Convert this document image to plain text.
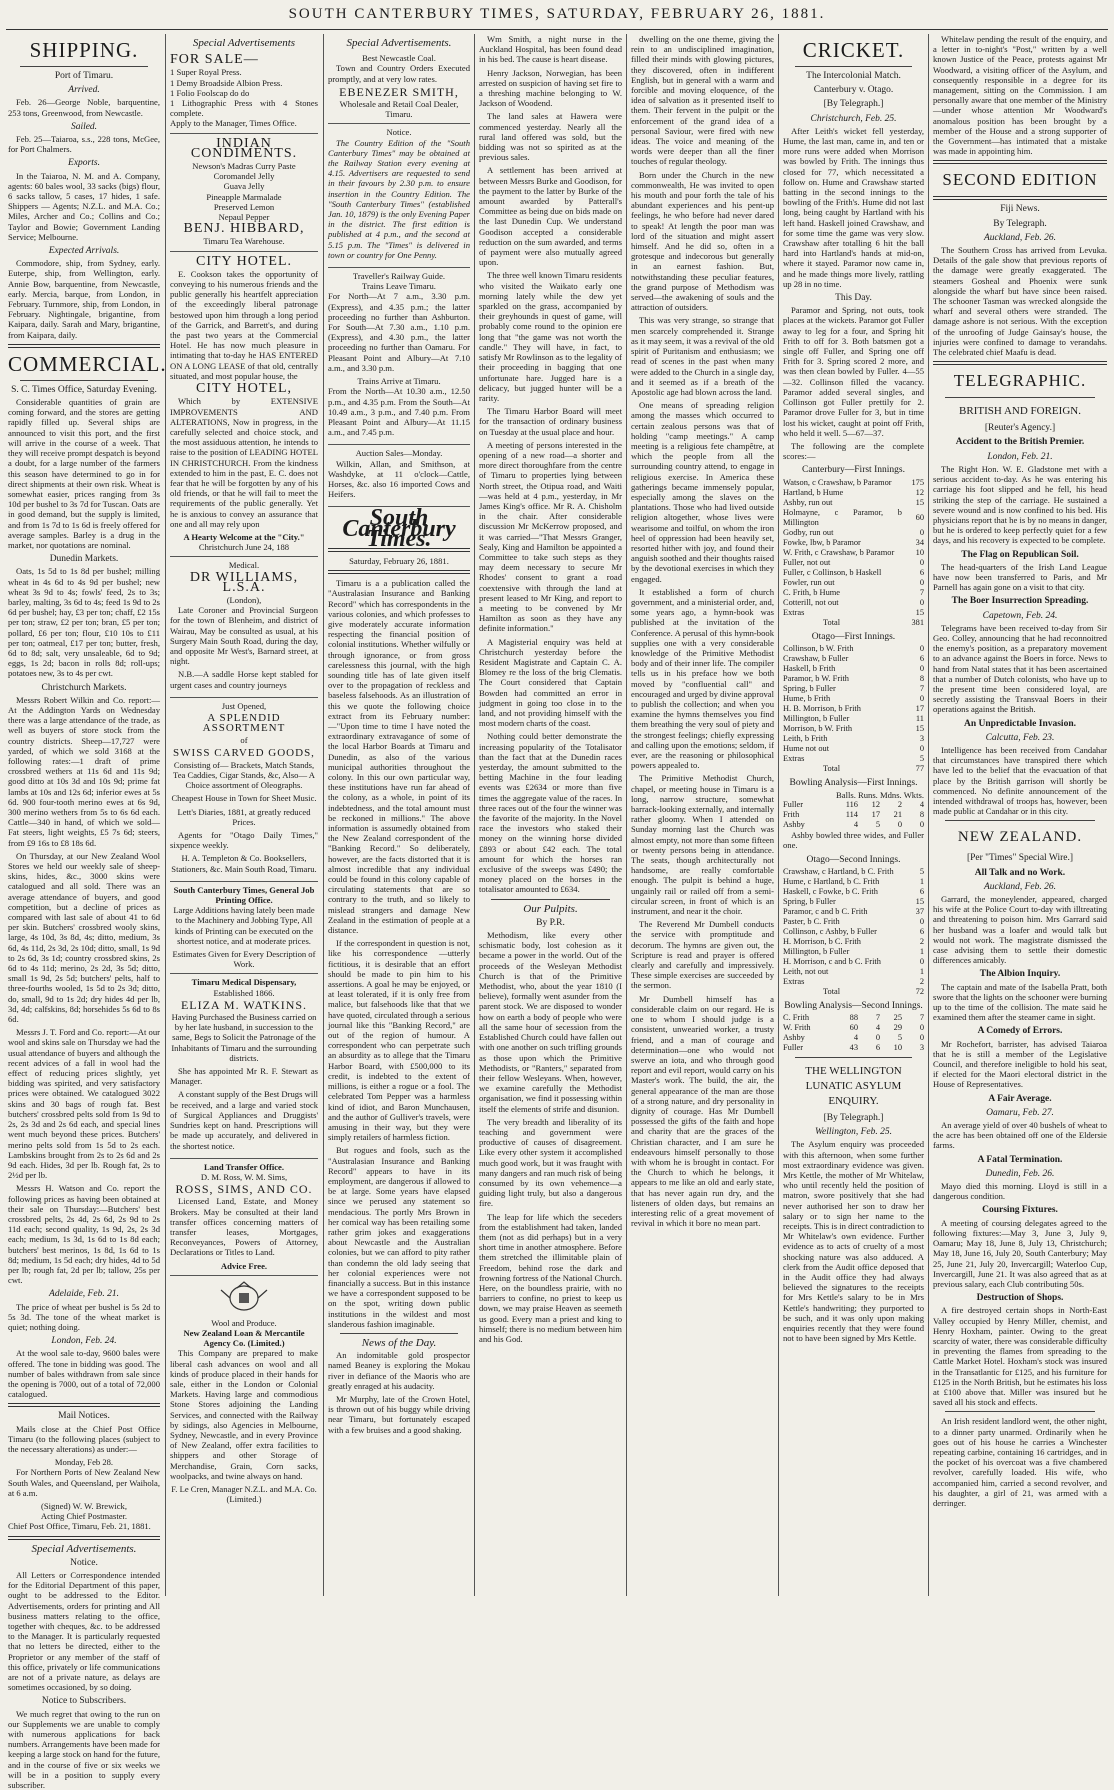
SOUTH CANTERBURY TIMES, SATURDAY, FEBRUARY 26, 1881.
SHIPPING.
Port of Timaru.
Arrived.

Feb. 26—George Noble, barquentine, 253 tons, Greenwood, from Newcastle.

Sailed.

Feb. 25—Taiaroa, s.s., 228 tons, McGee, for Port Chalmers.

Exports.

In the Taiaroa, N. M. and A. Company, agents: 60 bales wool, 33 sacks (bigs) flour, 6 sacks tallow, 5 cases, 17 hides, 1 safe. Shippers — Agents; N.Z.L. and M.A. Co.; Miles, Archer and Co.; Collins and Co.; Taylor and Bowie; Government Landing Service; Melbourne.

Expected Arrivals.

Commodore, ship, from Sydney, early. Euterpe, ship, from Wellington, early. Annie Bow, barquentine, from Newcastle, early. Mercia, barque, from London, in February. Turnmore, ship, from London, in February. Nightingale, brigantine, from Kaipara, daily. Sarah and Mary, brigantine, from Kaipara, daily.

COMMERCIAL.
S. C. Times Office, Saturday Evening.

Considerable quantities of grain are coming forward, and the stores are getting rapidly filled up. Several ships are announced to visit this port, and the first will arrive in the course of a week. That they will receive prompt despatch is beyond a doubt, for a large number of the farmers this season have determined to go in for direct shipments at their own risk. Wheat is somewhat easier, prices ranging from 3s 10d per bushel to 3s 7d for Tuscan. Oats are in good demand, but the supply is limited, and from 1s 7d to 1s 6d is freely offered for average samples. Barley is a drug in the market, nor quotations are nominal.

Dunedin Markets.

Oats, 1s 5d to 1s 8d per bushel; milling wheat in 4s 6d to 4s 9d per bushel; new wheat 3s 9d to 4s; fowls' feed, 2s to 3s; barley, malting, 3s 6d to 4s; feed 1s 9d to 2s 6d per bushel; hay, £3 per ton; chaff, £2 15s per ton; straw, £2 per ton; bran, £5 per ton; pollard, £6 per ton; flour, £10 10s to £11 per ton; oatmeal, £17 per ton; butter, fresh, 6d to 8d; salt, very unsaleable, 6d to 9d; eggs, 1s 2d; bacon in rolls 8d; roll-ups; potatoes new, 3s to 4s per cwt.

Christchurch Markets.

Messrs Robert Wilkin and Co. report:—At the Addington Yards on Wednesday there was a large attendance of the trade, as well as buyers of store stock from the country districts. Sheep—17,727 were yarded, of which we sold 3168 at the following rates:—1 draft of prime crossbred wethers at 11s 6d and 11s 9d; good ditto at 10s 3d and 10s 9d; prime fat lambs at 10s and 12s 6d; inferior ewes at 5s 6d. 900 four-tooth merino ewes at 6s 9d, 300 merino wethers from 5s to 6s 6d each. Cattle—340 in hand, of which we sold—Fat steers, light weights, £5 7s 6d; steers, from £9 16s to £8 18s 6d.

On Thursday, at our New Zealand Wool Stores we held our weekly sale of sheep-skins, hides, &c., 3000 skins were catalogued and all sold. There was an average attendance of buyers, and good competition, but a decline of prices as compared with last sale of about 41 to 6d per skin. Butchers' crossbred wooly skins, large, 4s 10d, 3s 8d, 4s; ditto, medium, 3s 6d, 4s 11d, 2s 3d, 2s 10d; ditto, small, 1s 9d to 2s 6d, 3s 1d; country crossbred skins, 2s 6d to 4s 11d; merino, 2s 2d, 3s 5d; ditto, small 1s 9d, 2s 5d; butchers' pelts, half to three-fourths wooled, 1s 5d to 2s 3d; ditto, do, small, 9d to 1s 2d; dry hides 4d per lb, 3d, 4d; calfskins, 8d; horsehides 5s 6d to 8s 6d.

Messrs J. T. Ford and Co. report:—At our wool and skins sale on Thursday we had the usual attendance of buyers and although the recent advices of a fall in wool had the effect of reducing prices slightly, yet bidding was spirited, and very satisfactory prices were obtained. We catalogued 3022 skins and 30 bags of rough fat. Best butchers' crossbred pelts sold from 1s 9d to 2s, 2s 3d and 2s 6d each, and special lines went much beyond these prices. Butchers' merino pelts sold from 1s 5d to 2s each. Lambskins brought from 2s to 2s 6d and 2s 9d each. Hides, 3d per lb. Rough fat, 2s to 2½d per lb.

Messrs H. Watson and Co. report the following prices as having been obtained at their sale on Thursday:—Butchers' best crossbred pelts, 2s 4d, 2s 6d, 2s 9d to 2s 11d each; second quality, 1s 9d, 2s, 2s 3d each; medium, 1s 3d, 1s 6d to 1s 8d each; butchers' best merinos, 1s 8d, 1s 6d to 1s 8d; medium, 1s 5d each; dry hides, 4d to 5d per lb; rough fat, 2d per lb; tallow, 25s per cwt.

Adelaide, Feb. 21.

The price of wheat per bushel is 5s 2d to 5s 3d. The tone of the wheat market is quiet; nothing doing.

London, Feb. 24.

At the wool sale to-day, 9600 bales were offered. The tone in bidding was good. The number of bales withdrawn from sale since the opening is 7000, out of a total of 72,000 catalogued.

Mail Notices.

Mails close at the Chief Post Office Timaru (to the following places (subject to the necessary alterations) as under:—

Monday, Feb 28.

For Northern Ports of New Zealand New South Wales, and Queensland, per Waihola, at 6 a.m.

(Signed) W. W. Brewick,
Acting Chief Postmaster.
Chief Post Office, Timaru, Feb. 21, 1881.
Special Advertisements.
Notice.

All Letters or Correspondence intended for the Editorial Department of this paper, ought to be addressed to the Editor. Advertisements, orders for printing and All business matters relating to the office, together with cheques, &c. to be addressed to the Manager. It is particularly requested that no letters be directed, either to the Proprietor or any member of the staff of this office, privately or life communications are not of a private nature, as delays are sometimes occasioned, by so doing.

Notice to Subscribers.

We much regret that owing to the run on our Supplements we are unable to comply with numerous applications for back numbers. Arrangements have been made for keeping a large stock on hand for the future, and in the course of five or six weeks we will be in a position to supply every subscriber.

Special Advertisements
FOR SALE—
1 Super Royal Press.
1 Demy Broadside Albion Press.
1 Folio Foolscap do do
1 Lithographic Press with 4 Stones complete.
Apply to the Manager, Times Office.
INDIAN CONDIMENTS.
Newson's Madras Curry Paste
Coromandel Jelly
Guava Jelly
Pineapple Marmalade
Preserved Lemon
Nepaul Pepper
BENJ. HIBBARD,
Timaru Tea Warehouse.
CITY HOTEL.

E. Cookson takes the opportunity of conveying to his numerous friends and the public generally his heartfelt appreciation of the exceedingly liberal patronage bestowed upon him through a long period of the Garrick, and Barrett's, and during the past two years at the Commercial Hotel. He has now much pleasure in intimating that to-day he HAS ENTERED ON A LONG LEASE of that old, centrally situated, and most popular house, the

CITY HOTEL,

Which by EXTENSIVE IMPROVEMENTS AND ALTERATIONS, Now in progress, in the carefully selected and choice stock, and the most assiduous attention, he intends to raise to the position of LEADING HOTEL IN CHRISTCHURCH. From the kindness extended to him in the past, E. C. does not fear that he will be forgotten by any of his old friends, or that he will fail to meet the requirements of the public generally. Yet he is anxious to convey an assurance that one and all may rely upon

A Hearty Welcome at the "City."
Christchurch June 24, 188
Medical.
DR WILLIAMS, L.S.A.
(London),

Late Coroner and Provincial Surgeon for the town of Blenheim, and district of Wairau, May be consulted as usual, at his Surgery Main South Road, during the day, and opposite Mr West's, Barnard street, at night.

N.B.—A saddle Horse kept stabled for urgent cases and country journeys

Just Opened,
A SPLENDID ASSORTMENT
of
SWISS CARVED GOODS,

Consisting of— Brackets, Match Stands, Tea Caddies, Cigar Stands, &c, Also— A Choice assortment of Oleographs.

Cheapest House in Town for Sheet Music.

Lett's Diaries, 1881, at greatly reduced Prices.

Agents for "Otago Daily Times," sixpence weekly.

H. A. Templeton & Co. Booksellers, Stationers, &c. Main South Road, Timaru.

South Canterbury Times, General Job Printing Office.

Large Additions having lately been made to the Machinery and Jobbing Type, All kinds of Printing can be executed on the shortest notice, and at moderate prices.

Estimates Given for Every Description of Work.
Timaru Medical Dispensary,
Established 1866.
ELIZA M. WATKINS.

Having Purchased the Business carried on by her late husband, in succession to the same, Begs to Solicit the Patronage of the Inhabitants of Timaru and the surrounding districts.

She has appointed Mr R. F. Stewart as Manager.

A constant supply of the Best Drugs will be received, and a large and varied stock of Surgical Appliances and Druggists' Sundries kept on hand. Prescriptions will be made up accurately, and delivered in the shortest notice.

Land Transfer Office.
D. M. Ross, W. M. Sims,
ROSS, SIMS, AND CO.

Licensed Land, Estate, and Money Brokers. May be consulted at their land transfer offices concerning matters of transfer leases, Mortgages, Reconveyances, Powers of Attorney, Declarations or Titles to Land.

Advice Free.
Wool and Produce.
New Zealand Loan & Mercantile Agency Co. (Limited.)

This Company are prepared to make liberal cash advances on wool and all kinds of produce placed in their hands for sale, either in the London or Colonial Markets. Having large and commodious Stone Stores adjoining the Landing Services, and connected with the Railway by sidings, also Agencies in Melbourne, Sydney, Newcastle, and in every Province of New Zealand, offer extra facilities to shippers and other Storage of Merchandise, Grain, Corn sacks, woolpacks, and twine always on hand.

F. Le Cren, Manager N.Z.L. and M.A. Co. (Limited.)
Special Advertisements.
Best Newcastle Coal.

Town and Country Orders Executed promptly, and at very low rates.

EBENEZER SMITH,
Wholesale and Retail Coal Dealer, Timaru.
Notice.

The Country Edition of the "South Canterbury Times" may be obtained at the Railway Station every evening at 4.15. Advertisers are requested to send in their favours by 2.30 p.m. to ensure insertion in the Country Edition. The "South Canterbury Times" (established Jan. 10, 1879) is the only Evening Paper in the district. The first edition is published at 4 p.m., and the second at 5.15 p.m. The "Times" is delivered in town or country for One Penny.

Traveller's Railway Guide.
Trains Leave Timaru.

For North—At 7 a.m., 3.30 p.m. (Express), and 4.35 p.m.; the latter proceeding no further than Ashburton. For South—At 7.30 a.m., 1.10 p.m. (Express), and 4.30 p.m., the latter proceeding no further than Oamaru. For Pleasant Point and Albury—At 7.10 a.m., and 3.30 p.m.

Trains Arrive at Timaru.

From the North—At 10.30 a.m., 12.50 p.m., and 4.35 p.m. From the South—At 10.49 a.m., 3 p.m., and 7.40 p.m. From Pleasant Point and Albury—At 11.15 a.m., and 7.45 p.m.

Auction Sales—Monday.

Wilkin, Allan, and Smithson, at Washdyke, at 11 o'clock—Cattle, Horses, &c. also 16 imported Cows and Heifers.

South Canterbury Times.
Saturday, February 26, 1881.

Timaru is a a publication called the "Australasian Insurance and Banking Record" which has correspondents in the various colonies, and which professes to give moderately accurate information respecting the financial position of colonial institutions. Whether wilfully or through ignorance, or from gross carelessness this journal, with the high sounding title has of late given itself over to the propagation of reckless and baseless falsehoods. As an illustration of this we quote the following choice extract from its February number:—"Upon time to time I have noted the extraordinary extravagance of some of the local Harbor Boards at Timaru and Dunedin, as also of the various municipal authorities throughout the colony. In this our own particular way, these institutions have run far ahead of the colony, as a whole, in point of its indebtedness, and the total amount must be reckoned in millions." The above information is assumedly obtained from the New Zealand correspondent of the "Banking Record." So deliberately, however, are the facts distorted that it is almost incredible that any individual could be found in this colony capable of circulating statements that are so contrary to the truth, and so likely to mislead strangers and damage New Zealand in the estimation of people at a distance.

If the correspondent in question is not, like his correspondence —utterly fictitious, it is desirable that an effort should be made to pin him to his assertions. A goal he may be enjoyed, or at least tolerated, if it is only free from malice, but falsehoods like that that we have quoted, circulated through a serious journal like this "Banking Record," are out of the region of humour. A correspondent who can perpetrate such an absurdity as to allege that the Timaru Harbor Board, with £500,000 to its credit, is indebted to the extent of millions, is either a rogue or a fool. The celebrated Tom Pepper was a harmless kind of idiot, and Baron Munchausen, and the author of Gulliver's travels, were amusing in their way, but they were simply retailers of harmless fiction.

But rogues and fools, such as the "Australasian Insurance and Banking Record" appears to have in its employment, are dangerous if allowed to be at large. Some years have elapsed since we perused any statement so mendacious. The portly Mrs Brown in her comical way has been retailing some rather grim jokes and exaggerations about Newcastle and the Australian colonies, but we can afford to pity rather than condemn the old lady seeing that her colonial experiences were not financially a success. But in this instance we have a correspondent supposed to be on the spot, writing down public institutions in the wildest and most slanderous fashion imaginable.

News of the Day.

An indomitable gold prospector named Beaney is exploring the Mokau river in defiance of the Maoris who are greatly enraged at his audacity.

Mr Murphy, late of the Crown Hotel, is thrown out of his buggy while driving near Timaru, but fortunately escaped with a few bruises and a good shaking.

Wm Smith, a night nurse in the Auckland Hospital, has been found dead in his bed. The cause is heart disease.

Henry Jackson, Norwegian, has been arrested on suspicion of having set fire to a threshing machine belonging to W. Jackson of Woodend.

The land sales at Hawera were commenced yesterday. Nearly all the rural land offered was sold, but the bidding was not so spirited as at the previous sales.

A settlement has been arrived at between Messrs Burke and Goodison, for the payment to the latter by Burke of the amount awarded by Patterall's Committee as being due on bids made on the last Dunedin Cup. We understand Goodison accepted a considerable reduction on the sum awarded, and terms of payment were also mutually agreed upon.

The three well known Timaru residents who visited the Waikato early one morning lately while the dew yet sparkled on the grass, accompanied by their greyhounds in quest of game, will probably come round to the opinion ere long that "the game was not worth the candle." They will have, in fact, to satisfy Mr Rowlinson as to the legality of their proceeding in bagging that one unfortunate hare. Jugged hare is a delicacy, but jugged hunter will be a rarity.

The Timaru Harbor Board will meet for the transaction of ordinary business on Tuesday at the usual place and hour.

A meeting of persons interested in the opening of a new road—a shorter and more direct thoroughfare from the centre of Timaru to properties lying between North street, the Otipua road, and Waiti—was held at 4 p.m., yesterday, in Mr James King's office. Mr R. A. Chisholm in the chair. After considerable discussion Mr McKerrow proposed, and it was carried—"That Messrs Granger, Sealy, King and Hamilton be appointed a Committee to take such steps as they may deem necessary to secure Mr Rhodes' consent to grant a road coextensive with through the land at present leased to Mr King, and report to a meeting to be convened by Mr Hamilton as soon as they have any definite information."

A Magisterial enquiry was held at Christchurch yesterday before the Resident Magistrate and Captain C. A. Blomey re the loss of the brig Clematis. The Court considered that Captain Bowden had committed an error in judgment in going too close in to the land, and not providing himself with the most modern charts of the coast.

Nothing could better demonstrate the increasing popularity of the Totalisator than the fact that at the Dunedin races yesterday, the amount submitted to the betting Machine in the four leading events was £2634 or more than five times the aggregate value of the races. In three races out of the four the winner was the favorite of the majority. In the Novel race the investors who staked their money on the winning horse divided £893 or about £42 each. The total amount for which the horses ran exclusive of the sweeps was £490; the money placed on the horses in the totalisator amounted to £634.

Our Pulpits.
By P.R.

Methodism, like every other schismatic body, lost cohesion as it became a power in the world. Out of the proceeds of the Wesleyan Methodist Church is that of the Primitive Methodist, who, about the year 1810 (I believe), formally went asunder from the parent stock. We are disposed to wonder how on earth a body of people who were all the same hour of secession from the Established Church could have fallen out with one another on such trifling grounds as those upon which the Primitive Methodists, or "Ranters," separated from their fellow Wesleyans. When, however, we examine carefully the Methodist organisation, we find it possessing within itself the elements of strife and disunion.

The very breadth and liberality of its teaching and government were productive of causes of disagreement. Like every other system it accomplished much good work, but it was fraught with many dangers and ran much risk of being consumed by its own vehemence—a guiding light truly, but also a dangerous fire.

The leap for life which the seceders from the establishment had taken, landed them (not as did perhaps) but in a very short time in another atmosphere. Before them stretched the illimitable plain of Freedom, behind rose the dark and frowning fortress of the National Church. Here, on the boundless prairie, with no barriers to confine, no priest to keep us down, we may praise Heaven as seemeth us good. Every man a priest and king to himself; there is no medium between him and his God.

dwelling on the one theme, giving the rein to an undisciplined imagination, filled their minds with glowing pictures, they discovered, often in indifferent English, but in general with a warm and forcible and moving eloquence, of the idea of salvation as it presented itself to them. Their fervent in the pulpit or the enforcement of the grand idea of a personal Saviour, were fired with new ideas. The voice and meaning of the words were deeper than all the finer touches of regular theology.

Born under the Church in the new commonwealth, He was invited to open his mouth and pour forth the tale of his abundant experiences and his pent-up feelings, he who before had never dared to speak! At length the poor man was lord of the situation and might assert himself. And he did so, often in a grotesque and indecorous but generally in an earnest fashion. But, notwithstanding these peculiar features, the grand purpose of Methodism was served—the awakening of souls and the attraction of outsiders.

This was very strange, so strange that men scarcely comprehended it. Strange as it may seem, it was a revival of the old spirit of Puritanism and enthusiasm; we read of scenes in the past when many were added to the Church in a single day, and it seemed as if a breath of the Apostolic age had blown across the land.

One means of spreading religion among the masses which occurred to certain zealous persons was that of holding "camp meetings." A camp meeting is a religious fete champêtre, at which the people from all the surrounding country attend, to engage in religious exercise. In America these gatherings became immensely popular, especially among the slaves on the plantations. Those who had lived outside religion altogether, whose lives were wearisome and toilful, on whom the iron heel of oppression had been heavily set, resorted hither with joy, and found their anguish soothed and their thoughts raised by the devotional exercises in which they engaged.

It established a form of church government, and a ministerial order, and, some years ago, a hymn-book was published at the invitation of the Conference. A perusal of this hymn-book supplies one with a very considerable knowledge of the Primitive Methodist body and of their inner life. The compiler tells us in his preface how we both moved by "confluential call" and encouraged and urged by divine approval to publish the collection; and when you examine the hymns themselves you find them breathing the very soul of piety and the strongest feelings; chiefly expressing and calling upon the emotions; seldom, if ever, are the reasoning or philosophical powers appealed to.

The Primitive Methodist Church, chapel, or meeting house in Timaru is a long, narrow structure, somewhat barrack-looking externally, and internally rather gloomy. When I attended on Sunday morning last the Church was almost empty, not more than some fifteen or twenty persons being in attendance. The seats, though architecturally not handsome, are really comfortable enough. The pulpit is behind a huge, ungainly rail or railed off from a semi-circular screen, in front of which is an instrument, and near it the choir.

The Reverend Mr Dumbell conducts the service with promptitude and decorum. The hymns are given out, the Scripture is read and prayer is offered clearly and carefully and impressively. These simple exercises are succeeded by the sermon.

Mr Dumbell himself has a considerable claim on our regard. He is one to whom I should judge is a consistent, unwearied worker, a trusty friend, and a man of courage and determination—one who would not swerve an iota, and who through good report and evil report, would carry on his Master's work. The build, the air, the general appearance of the man are those of a strong nature, and dry personality in dignity of courage. Has Mr Dumbell possessed the gifts of the faith and hope and charity that are the graces of the Christian character, and I am sure he endeavours himself personally to those with whom he is brought in contact. For the Church to which he belongs, it appears to me like an old and early state, that has never again run dry, and the listeners of olden days, but remains an interesting relic of a great movement of revival in which it bore no mean part.

CRICKET.
The Intercolonial Match.
Canterbury v. Otago.
[By Telegraph.]
Christchurch, Feb. 25.

After Leith's wicket fell yesterday, Hume, the last man, came in, and ten or more runs were added when Morrison was bowled by Frith. The innings thus closed for 77, which necessitated a follow on. Hume and Crawshaw started batting in the second innings to the bowling of the Frith's. Hume did not last long, being caught by Hartland with his left hand. Haskell joined Crawshaw, and for some time the game was very slow. Crawshaw after totalling 6 hit the ball hard into Hartland's hands at mid-on, where it stayed. Paramor now came in, and he made things more lively, rattling up 28 in no time.

This Day.

Paramor and Spring, not outs, took places at the wickets. Paramor got Fuller away to leg for a four, and Spring hit Frith to off for 3. Both batsmen got a single off Fuller, and Spring one off Frith for 3. Spring scored 2 more, and was then clean bowled by Fuller. 4—55—32. Collinson filled the vacancy. Paramor added several singles, and Collinson got Fuller prettily for 2. Paramor drove Fuller for 3, but in time lost his wicket, caught at point off Frith, who held it well. 5—67—37.

The following are the complete scores:—

Canterbury—First Innings.
Watson, c Crawshaw, b Paramor	175
Hartland, b Hume	12
Ashby, run out	15
Holmayne, c Paramor, b Millington	60
Godby, run out	0
Fowke, lbw, b Paramor	34
W. Frith, c Crawshaw, b Paramor	10
Fuller, not out	0
Fuller, c Collinson, b Haskell	6
Fowler, run out	0
C. Frith, b Hume	7
Cotterill, not out	0
Extras	15
Total	381
Otago—First Innings.
Collinson, b W. Frith	0
Crawshaw, b Fuller	6
Haskell, b Frith	0
Paramor, b W. Frith	8
Spring, b Fuller	7
Hume, b Frith	0
H. B. Morrison, b Frith	17
Millington, b Fuller	11
Morrison, b W. Frith	15
Leith, b Frith	3
Hume not out	0
Extras	5
Total	77
Bowling Analysis—First Innings.
Balls. Runs. Mdns. Wkts.
Fuller	116	12	2	4
Frith	114	17	21	8
Ashby	4	5	0	0

Ashby bowled three wides, and Fuller one.

Otago—Second Innings.
Crawshaw, c Hartland, b C. Frith	5
Hume, c Hartland, b C. Frith	1
Haskell, c Fowke, b C. Frith	6
Spring, b Fuller	15
Paramor, c and b C. Frith	37
Paster, b C. Frith	0
Collinson, c Ashby, b Fuller	6
H. Morrison, b C. Frith	2
Millington, b Fuller	1
H. Morrison, c and b C. Frith	0
Leith, not out	1
Extras	2
Total	72
Bowling Analysis—Second Innings.
C. Frith	88	7	25	7
W. Frith	60	4	29	0
Ashby	4	0	5	0
Fuller	43	6	10	3
THE WELLINGTON LUNATIC ASYLUM ENQUIRY.
[By Telegraph.]
Wellington, Feb. 25.

The Asylum enquiry was proceeded with this afternoon, when some further most extraordinary evidence was given. Mrs Kettle, the mother of Mr Whitelaw, who until recently held the position of matron, swore positively that she had never authorised her son to draw her salary or to sign her name to the receipts. This is in direct contradiction to Mr Whitelaw's own evidence. Further evidence as to acts of cruelty of a most shocking nature was also adduced. A clerk from the Audit office deposed that in the Audit office they had always believed the signatures to the receipts for Mrs Kettle's salary to be in Mrs Kettle's handwriting; they purported to be such, and it was only upon making enquiries recently that they were found not to have been signed by Mrs Kettle.

Whitelaw pending the result of the enquiry, and a letter in to-night's "Post," written by a well known Justice of the Peace, protests against Mr Woodward, a visiting officer of the Asylum, and consequently responsible in a degree for its management, sitting on the Commission. I am personally aware that one member of the Ministry—under whose attention Mr Woodward's anomalous position has been brought by a member of the House and a strong supporter of the Government—has intimated that a mistake was made in appointing him.

SECOND EDITION
Fiji News.
By Telegraph.
Auckland, Feb. 26.

The Southern Cross has arrived from Levuka. Details of the gale show that previous reports of the damage were greatly exaggerated. The steamers Gosheal and Phoenix were sunk alongside the wharf but have since been raised. The schooner Tasman was wrecked alongside the wharf and several others were stranded. The damage ashore is not serious. With the exception of the unroofing of Judge Gainsay's house, the injuries were confined to damage to verandahs. The celebrated chief Maafu is dead.

TELEGRAPHIC.
BRITISH AND FOREIGN.
[Reuter's Agency.]
Accident to the British Premier.
London, Feb. 21.

The Right Hon. W. E. Gladstone met with a serious accident to-day. As he was entering his carriage his foot slipped and he fell, his head striking the step of the carriage. He sustained a severe wound and is now confined to his bed. His physicians report that he is by no means in danger, but he is ordered to keep perfectly quiet for a few days, and his recovery is expected to be complete.

The Flag on Republican Soil.

The head-quarters of the Irish Land League have now been transferred to Paris, and Mr Parnell has again gone on a visit to that city.

The Boer Insurrection Spreading.
Capetown, Feb. 24.

Telegrams have been received to-day from Sir Geo. Colley, announcing that he had reconnoitred the enemy's position, as a preparatory movement to an advance against the Boers in force. News to hand from Natal states that it has been ascertained that a number of Dutch colonists, who have up to the present time been considered loyal, are secretly assisting the Transvaal Boers in their operations against the British.

An Unpredictable Invasion.
Calcutta, Feb. 23.

Intelligence has been received from Candahar that circumstances have transpired there which have led to the belief that the evacuation of that place by the British garrison will shortly be commenced. No definite announcement of the intended withdrawal of troops has, however, been made public at Candahar or in this city.

NEW ZEALAND.
[Per "Times" Special Wire.]
All Talk and no Work.
Auckland, Feb. 26.

Garrard, the moneylender, appeared, charged his wife at the Police Court to-day with illtreating and threatening to poison him. Mrs Garrard said her husband was a loafer and would talk but would not work. The magistrate dismissed the case advising them to settle their domestic differences amicably.

The Albion Inquiry.

The captain and mate of the Isabella Pratt, both swore that the lights on the schooner were burning up to the time of the collision. The mate said he examined them after the steamer came in sight.

A Comedy of Errors.

Mr Rochefort, barrister, has advised Taiaroa that he is still a member of the Legislative Council, and therefore ineligible to hold his seat, if elected for the Maori electoral district in the House of Representatives.

A Fair Average.
Oamaru, Feb. 27.

An average yield of over 40 bushels of wheat to the acre has been obtained off one of the Eldersie farms.

A Fatal Termination.
Dunedin, Feb. 26.

Mayo died this morning. Lloyd is still in a dangerous condition.

Coursing Fixtures.

A meeting of coursing delegates agreed to the following fixtures:—May 3, June 3, July 9, Oamaru; May 18, June 8, July 13, Christchurch; May 18, June 16, July 20, South Canterbury; May 25, June 21, July 20, Invercargill; Waterloo Cup, Invercargill, June 21. It was also agreed that as at previous salary, each Club contributing 50s.

Destruction of Shops.

A fire destroyed certain shops in North-East Valley occupied by Henry Miller, chemist, and Henry Hoxham, painter. Owing to the great scarcity of water, there was considerable difficulty in preventing the flames from spreading to the Cattle Market Hotel. Hoxham's stock was insured in the Transatlantic for £125, and his furniture for £125 in the North British, but he estimates his loss at £100 above that. Miller was insured but he saved all his stock and effects.

An Irish resident landlord went, the other night, to a dinner party unarmed. Ordinarily when he goes out of his house he carries a Winchester repeating carbine, containing 16 cartridges, and in the pocket of his overcoat was a five chambered revolver, carefully loaded. His wife, who accompanied him, carried a second revolver, and his daughter, a girl of 21, was armed with a derringer.
